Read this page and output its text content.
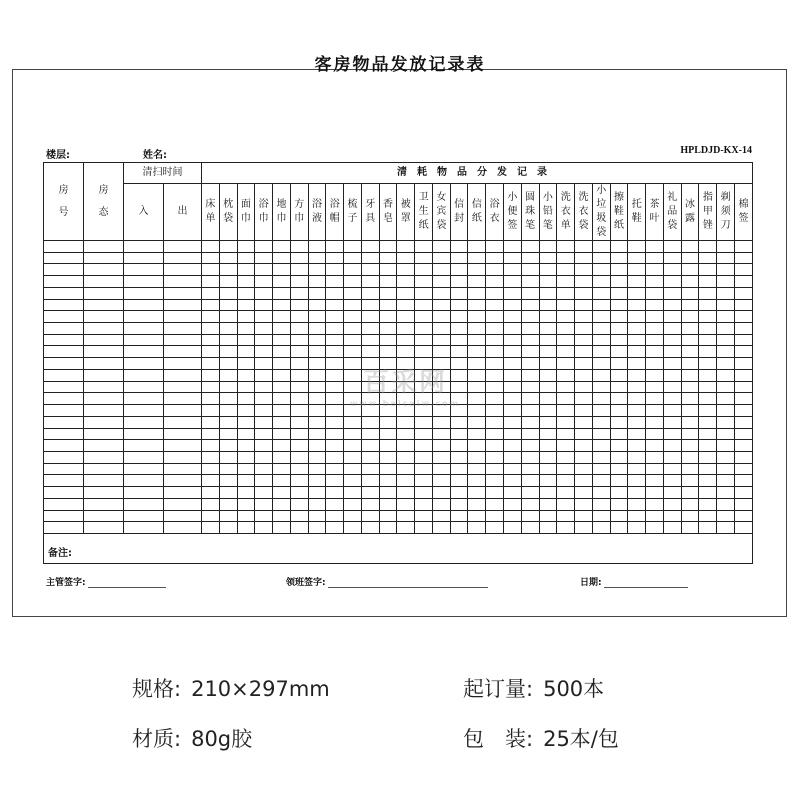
客房物品发放记录表
楼层:	姓名:	HPLDJD-KX-14
房号	房态	清扫时间		清耗物品分发记录																														
		入	出	床单	枕袋	面巾	浴巾	地巾	方巾	浴液	浴帽	梳子	牙具	香皂	被罩	卫生纸	女宾袋	信封	信纸	浴衣	小便签	圆珠笔	小铅笔	洗衣单	洗衣袋	小垃圾袋	擦鞋纸	托鞋	茶叶	礼品袋	冰露	指甲锉	剃须刀	棉签

备注:
主管签字:	领班签字:	日期:
百采网
www.baicaiw.com
规格: 210×297mm	起订量: 500本
材质: 80g胶	包　装: 25本/包
